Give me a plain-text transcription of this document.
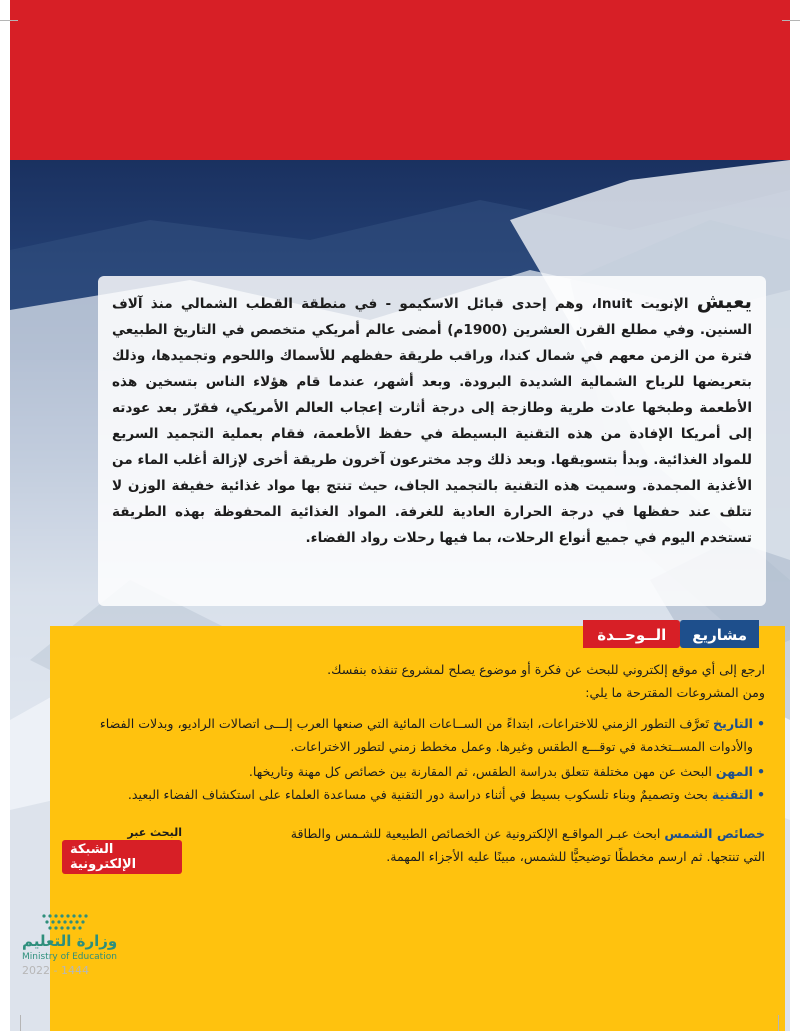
يعيش الإنويت Inuit، وهم إحدى قبائل الاسكيمو - في منطقة القطب الشمالي منذ آلاف السنين. وفي مطلع القرن العشرين (1900م) أمضى عالم أمريكي متخصص في التاريخ الطبيعي فترة من الزمن معهم في شمال كندا، وراقب طريقة حفظهم للأسماك واللحوم وتجميدها، وذلك بتعريضها للرياح الشمالية الشديدة البرودة. وبعد أشهر، عندما قام هؤلاء الناس بتسخين هذه الأطعمة وطبخها عادت طرية وطازجة إلى درجة أثارت إعجاب العالم الأمريكي، فقرّر بعد عودته إلى أمريكا الإفادة من هذه التقنية البسيطة في حفظ الأطعمة، فقام بعملية التجميد السريع للمواد الغذائية. وبدأ بتسويقها. وبعد ذلك وجد مخترعون آخرون طريقة أخرى لإزالة أغلب الماء من الأغذية المجمدة. وسميت هذه التقنية بالتجميد الجاف، حيث تنتج بها مواد غذائية خفيفة الوزن لا تتلف عند حفظها في درجة الحرارة العادية للغرفة. المواد الغذائية المحفوظة بهذه الطريقة تستخدم اليوم في جميع أنواع الرحلات، بما فيها رحلات رواد الفضاء.

مشاريع
الــوحــدة

ارجع إلى أي موقع إلكتروني للبحث عن فكرة أو موضوع يصلح لمشروع تنفذه بنفسك.

ومن المشروعات المقترحة ما يلي:

• التاريخ تَعرَّف التطور الزمني للاختراعات، ابتداءً من الســاعات المائية التي صنعها العرب إلـــى اتصالات الراديو، وبدلات الفضاء والأدوات المســتخدمة في توقـــع الطقس وغيرها. وعمل مخطط زمني لتطور الاختراعات.

• المهن البحث عن مهن مختلفة تتعلق بدراسة الطقس، ثم المقارنة بين خصائص كل مهنة وتاريخها.

• التقنية بحث وتصميمٌ وبناء تلسكوب بسيط في أثناء دراسة دور التقنية في مساعدة العلماء على استكشاف الفضاء البعيد.

خصائص الشمس ابحث عبـر المواقـع الإلكترونية عن الخصائص الطبيعية للشـمس والطاقة التي تنتجها. ثم ارسم مخططًا توضيحيًّا للشمس، مبينًا عليه الأجزاء المهمة.

البحث عبر
الشبكة الإلكترونية
وزارة التعليم
Ministry of Education
2022 - 1444
